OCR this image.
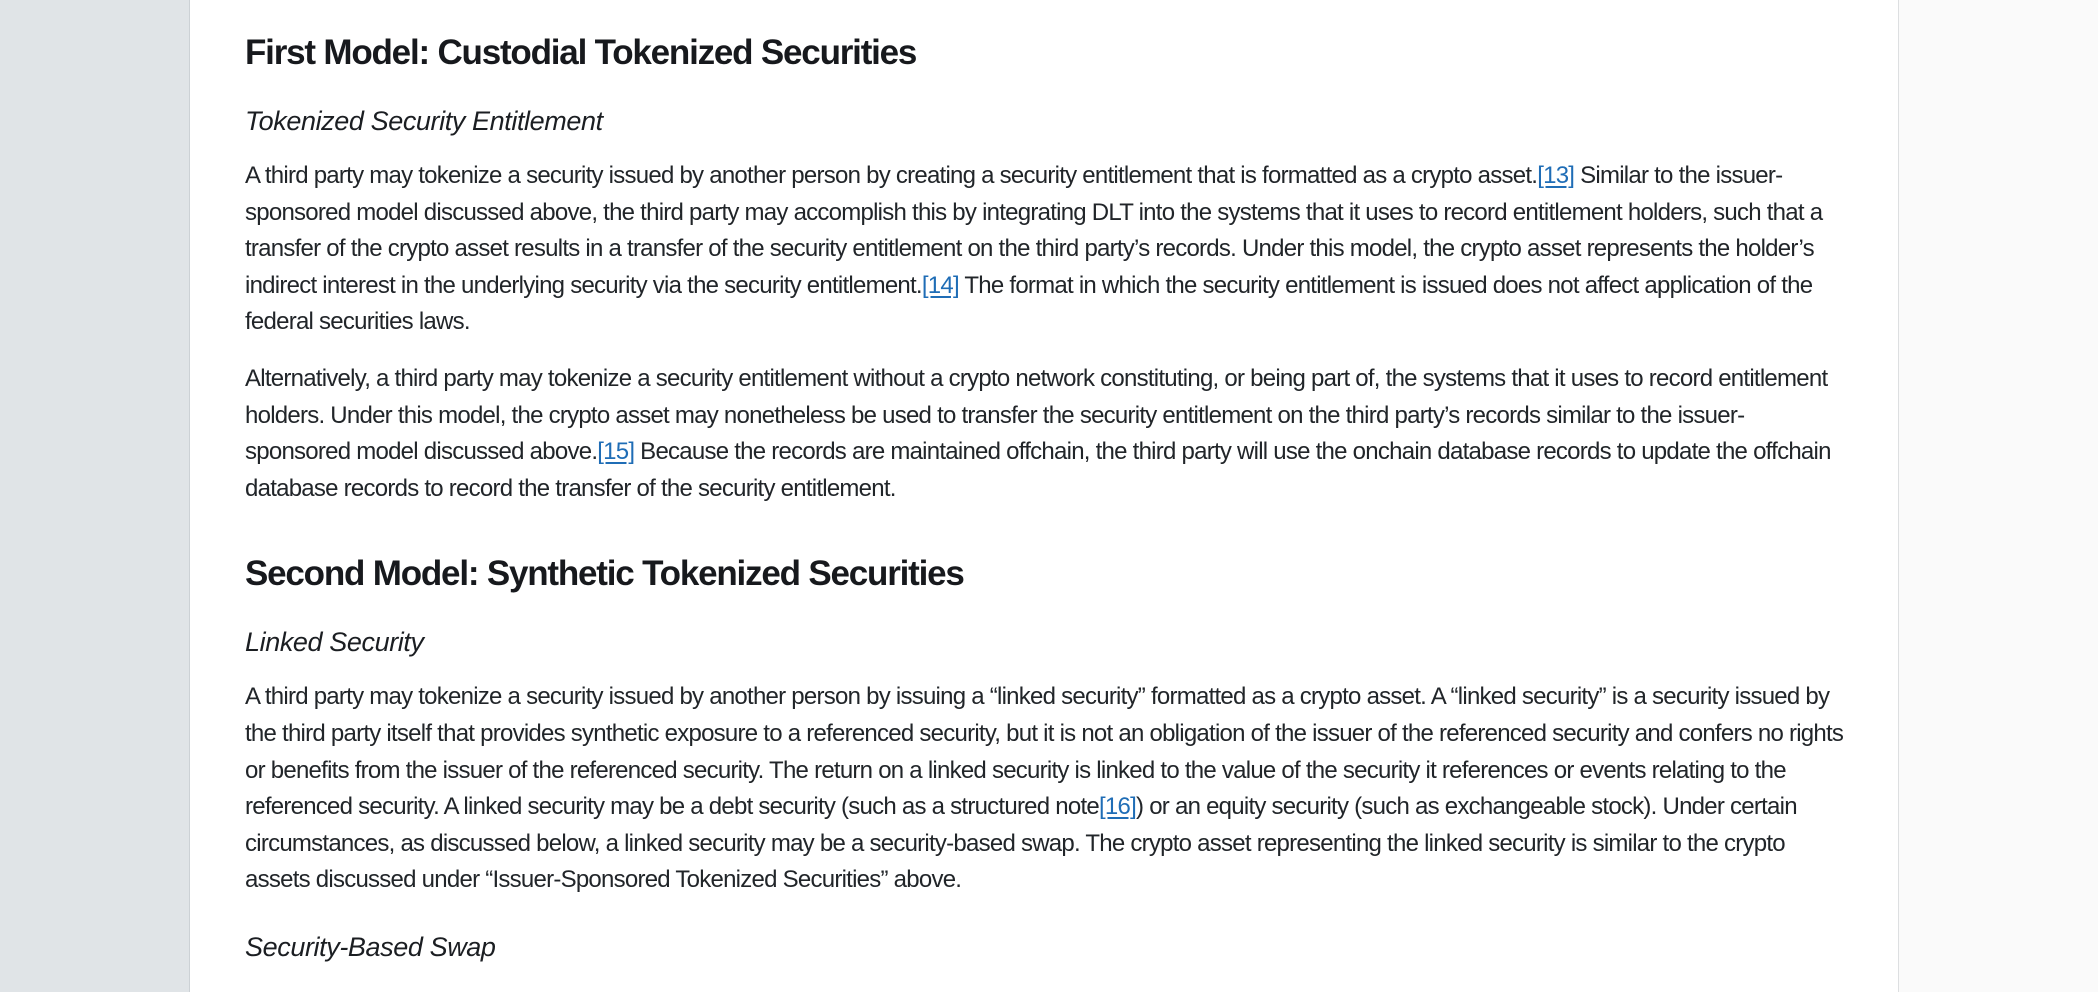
First Model: Custodial Tokenized Securities
Tokenized Security Entitlement

A third party may tokenize a security issued by another person by creating a security entitlement that is formatted as a crypto asset.[13] Similar to the issuer-sponsored model discussed above, the third party may accomplish this by integrating DLT into the systems that it uses to record entitlement holders, such that a transfer of the crypto asset results in a transfer of the security entitlement on the third party’s records. Under this model, the crypto asset represents the holder’s indirect interest in the underlying security via the security entitlement.[14] The format in which the security entitlement is issued does not affect application of the federal securities laws.

Alternatively, a third party may tokenize a security entitlement without a crypto network constituting, or being part of, the systems that it uses to record entitlement holders. Under this model, the crypto asset may nonetheless be used to transfer the security entitlement on the third party’s records similar to the issuer-sponsored model discussed above.[15] Because the records are maintained offchain, the third party will use the onchain database records to update the offchain database records to record the transfer of the security entitlement.

Second Model: Synthetic Tokenized Securities
Linked Security

A third party may tokenize a security issued by another person by issuing a “linked security” formatted as a crypto asset. A “linked security” is a security issued by the third party itself that provides synthetic exposure to a referenced security, but it is not an obligation of the issuer of the referenced security and confers no rights or benefits from the issuer of the referenced security. The return on a linked security is linked to the value of the security it references or events relating to the referenced security. A linked security may be a debt security (such as a structured note[16]) or an equity security (such as exchangeable stock). Under certain circumstances, as discussed below, a linked security may be a security-based swap. The crypto asset representing the linked security is similar to the crypto assets discussed under “Issuer-Sponsored Tokenized Securities” above.

Security-Based Swap
